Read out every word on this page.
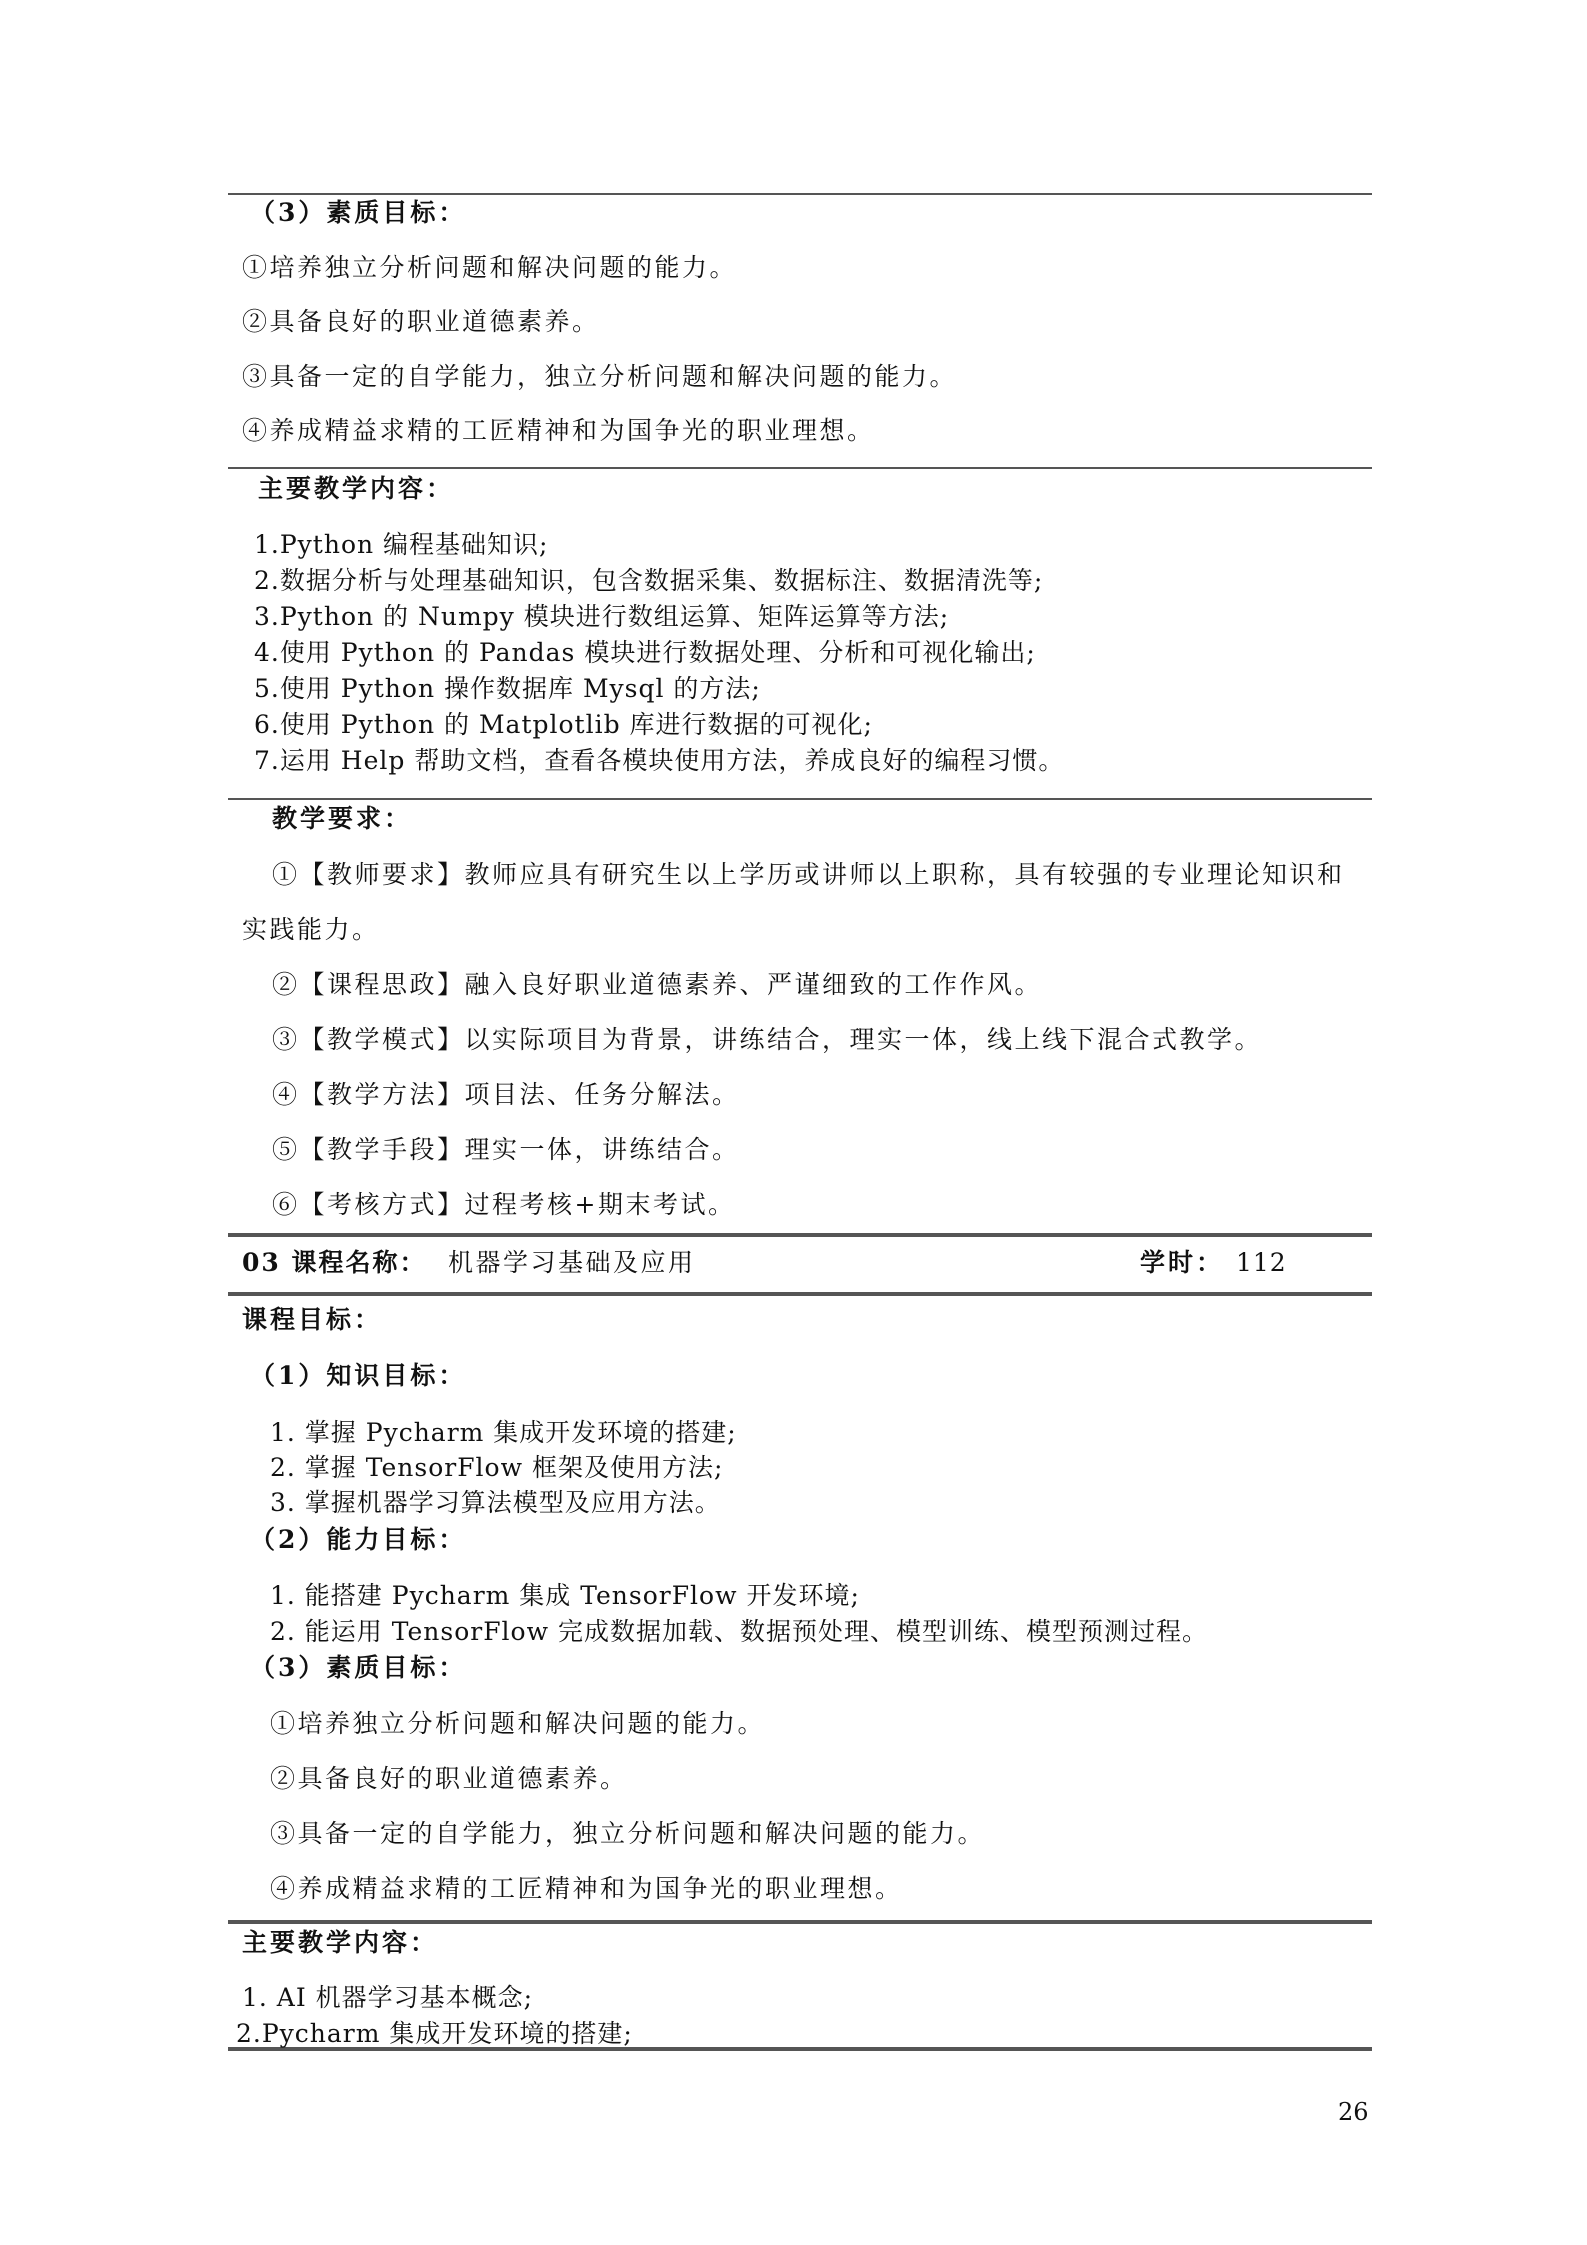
（3）素质目标：
①培养独立分析问题和解决问题的能力。
②具备良好的职业道德素养。
③具备一定的自学能力，独立分析问题和解决问题的能力。
④养成精益求精的工匠精神和为国争光的职业理想。
主要教学内容：
1.Python 编程基础知识;
2.数据分析与处理基础知识，包含数据采集、数据标注、数据清洗等;
3.Python 的 Numpy 模块进行数组运算、矩阵运算等方法;
4.使用 Python 的 Pandas 模块进行数据处理、分析和可视化输出;
5.使用 Python 操作数据库 Mysql 的方法;
6.使用 Python 的 Matplotlib 库进行数据的可视化;
7.运用 Help 帮助文档，查看各模块使用方法，养成良好的编程习惯。
教学要求：
①【教师要求】教师应具有研究生以上学历或讲师以上职称，具有较强的专业理论知识和
实践能力。
②【课程思政】融入良好职业道德素养、严谨细致的工作作风。
③【教学模式】以实际项目为背景，讲练结合，理实一体，线上线下混合式教学。
④【教学方法】项目法、任务分解法。
⑤【教学手段】理实一体，讲练结合。
⑥【考核方式】过程考核+期末考试。
03 课程名称： 机器学习基础及应用	学时： 112
课程目标：
（1）知识目标：
1. 掌握 Pycharm 集成开发环境的搭建;
2. 掌握 TensorFlow 框架及使用方法;
3. 掌握机器学习算法模型及应用方法。
（2）能力目标：
1. 能搭建 Pycharm 集成 TensorFlow 开发环境;
2. 能运用 TensorFlow 完成数据加载、数据预处理、模型训练、模型预测过程。
（3）素质目标：
①培养独立分析问题和解决问题的能力。
②具备良好的职业道德素养。
③具备一定的自学能力，独立分析问题和解决问题的能力。
④养成精益求精的工匠精神和为国争光的职业理想。
主要教学内容：
1. AI 机器学习基本概念;
2.Pycharm 集成开发环境的搭建;
26
